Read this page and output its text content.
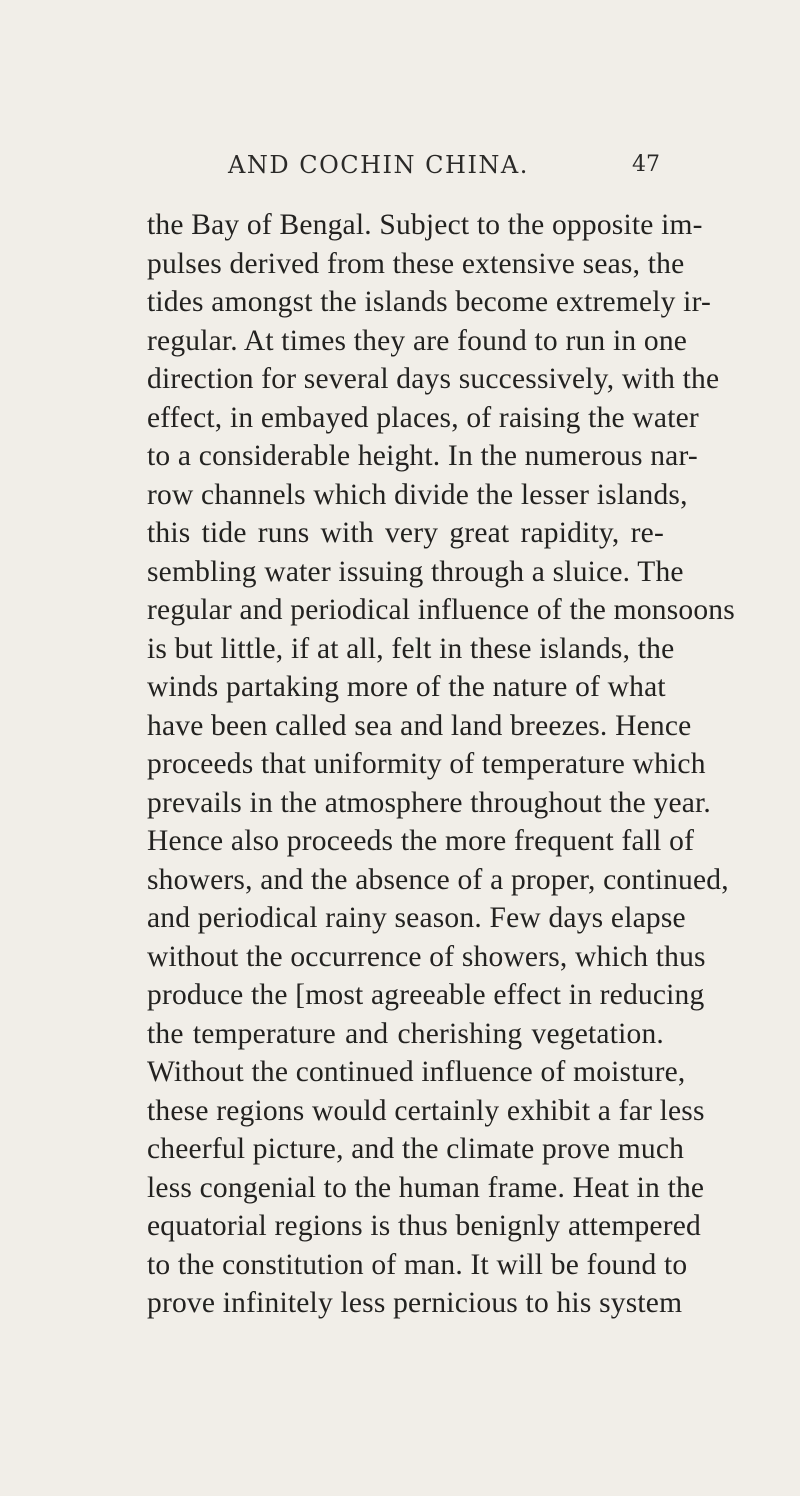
AND COCHIN CHINA.	47
the Bay of Bengal. Subject to the opposite im-
pulses derived from these extensive seas, the
tides amongst the islands become extremely ir-
regular. At times they are found to run in one
direction for several days successively, with the
effect, in embayed places, of raising the water
to a considerable height. In the numerous nar-
row channels which divide the lesser islands,
this tide runs with very great rapidity, re-
sembling water issuing through a sluice. The
regular and periodical influence of the monsoons
is but little, if at all, felt in these islands, the
winds partaking more of the nature of what
have been called sea and land breezes. Hence
proceeds that uniformity of temperature which
prevails in the atmosphere throughout the year.
Hence also proceeds the more frequent fall of
showers, and the absence of a proper, continued,
and periodical rainy season. Few days elapse
without the occurrence of showers, which thus
produce the [most agreeable effect in reducing
the temperature and cherishing vegetation.
Without the continued influence of moisture,
these regions would certainly exhibit a far less
cheerful picture, and the climate prove much
less congenial to the human frame. Heat in the
equatorial regions is thus benignly attempered
to the constitution of man. It will be found to
prove infinitely less pernicious to his system
